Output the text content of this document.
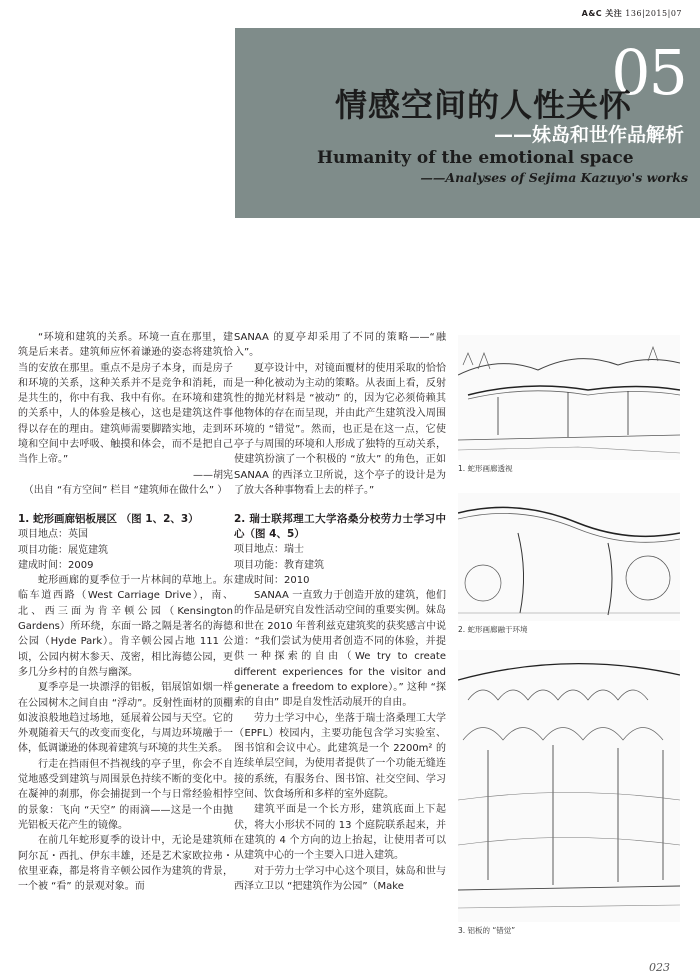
A&C 关注 136|2015|07
05
情感空间的人性关怀
——妹岛和世作品解析
Humanity of the emotional space
——Analyses of Sejima Kazuyo's works
文 / 《建筑与文化》第七期 “关注” 栏目编写组

“环境和建筑的关系。环境一直在那里，建筑是后来者。建筑师应怀着谦逊的姿态将建筑恰当的安放在那里。重点不是房子本身，而是房子和环境的关系，这种关系并不是竞争和消耗，而是共生的，你中有我、我中有你。在环境和建筑的关系中，人的体验是核心，这也是建筑这件事得以存在的理由。建筑师需要脚踏实地，走到环境和空间中去呼吸、触摸和体会，而不是把自己当作上帝。”

——胡宪

（出自 “有方空间” 栏目 “建筑师在做什么” ）

1. 蛇形画廊铝板展区 （图 1、2、3）

项目地点：英国

项目功能：展览建筑

建成时间：2009

蛇形画廊的夏季位于一片林间的草地上。东临车道西路（West Carriage Drive），南、北、西三面为肯辛顿公园（Kensington Gardens）所环绕，东面一路之隔是著名的海德公园（Hyde Park）。肯辛顿公园占地 111 公顷，公园内树木参天、茂密，相比海德公园，更多几分乡村的自然与幽深。

夏季亭是一块漂浮的铝板，铝展馆如烟一样在公园树木之间自由 “浮动”。反射性面材的顶棚如波浪般地趋过场地，延展着公园与天空。它的外观随着天气的改变而变化，与周边环境融于一体，低调谦逊的体现着建筑与环境的共生关系。

行走在挡雨但不挡视线的亭子里，你会不自觉地感受到建筑与周围景色持续不断的变化中。在凝神的刹那，你会捕捉到一个与日常经验相悖的景象：飞向 “天空” 的雨滴——这是一个由抛光铝板天花产生的镜像。

在前几年蛇形夏季的设计中，无论是建筑师阿尔瓦・西扎、伊东丰雄，还是艺术家欧拉弗・依里亚森，都是将肯辛顿公园作为建筑的背景，一个被 “看” 的景观对象。而

SANAA 的夏亭却采用了不同的策略——“融入”。

夏亭设计中，对镜面覆材的使用采取的恰恰是一种化被动为主动的策略。从表面上看，反射性的抛光材料是 “被动” 的，因为它必须倚赖其他物体的存在而呈现，并由此产生建筑没入周围环境的 “错觉”。然而，也正是在这一点，它使亭子与周围的环境和人形成了独特的互动关系，使建筑扮演了一个积极的 “放大” 的角色，正如 SANAA 的西泽立卫所说，这个亭子的设计是为了放大各种事物看上去的样子。”

2. 瑞士联邦理工大学洛桑分校劳力士学习中心（图 4、5）

项目地点：瑞士

项目功能：教育建筑

建成时间：2010

SANAA 一直致力于创造开放的建筑，他们的作品是研究自发性活动空间的重要实例。妹岛和世在 2010 年普利兹克建筑奖的获奖感言中说道：“我们尝试为使用者创造不同的体验，并提供一种探索的自由（We try to create different experiences for the visitor and generate a freedom to explore）。” 这种 “探索的自由” 即是自发性活动展开的自由。

劳力士学习中心，坐落于瑞士洛桑理工大学（EPFL）校园内，主要功能包含学习实验室、图书馆和会议中心。此建筑是一个 2200m² 的连续单层空间，为使用者提供了一个功能无缝连接的系统，有服务台、图书馆、社交空间、学习空间、饮食场所和多样的室外庭院。

建筑平面是一个长方形，建筑底面上下起伏，将大小形状不同的 13 个庭院联系起来，并在建筑的 4 个方向的边上抬起，让使用者可以从建筑中心的一个主要入口进入建筑。

对于劳力士学习中心这个项目，妹岛和世与西泽立卫以 “把建筑作为公园”（Make

1. 蛇形画廊透视
2. 蛇形画廊融于环境
3. 铝板的 “错觉”
023
